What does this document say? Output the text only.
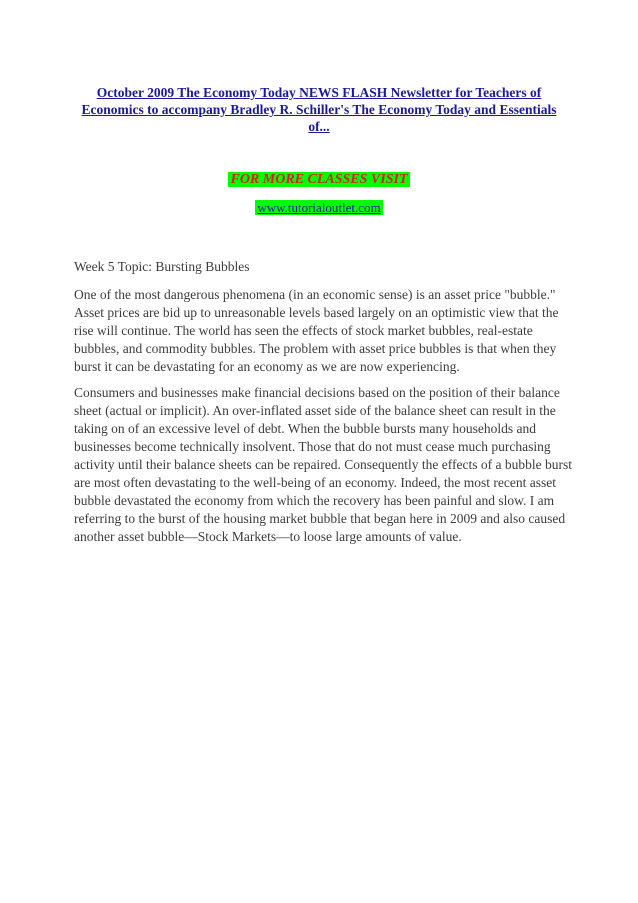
October 2009 The Economy Today NEWS FLASH Newsletter for Teachers of Economics to accompany Bradley R. Schiller's The Economy Today and Essentials of...
FOR MORE CLASSES VISIT
www.tutorialoutlet.com

Week 5 Topic: Bursting Bubbles

One of the most dangerous phenomena (in an economic sense) is an asset price "bubble." Asset prices are bid up to unreasonable levels based largely on an optimistic view that the rise will continue. The world has seen the effects of stock market bubbles, real-estate bubbles, and commodity bubbles. The problem with asset price bubbles is that when they burst it can be devastating for an economy as we are now experiencing.

Consumers and businesses make financial decisions based on the position of their balance sheet (actual or implicit). An over-inflated asset side of the balance sheet can result in the taking on of an excessive level of debt. When the bubble bursts many households and businesses become technically insolvent. Those that do not must cease much purchasing activity until their balance sheets can be repaired. Consequently the effects of a bubble burst are most often devastating to the well-being of an economy. Indeed, the most recent asset bubble devastated the economy from which the recovery has been painful and slow. I am referring to the burst of the housing market bubble that began here in 2009 and also caused another asset bubble—Stock Markets—to loose large amounts of value.
